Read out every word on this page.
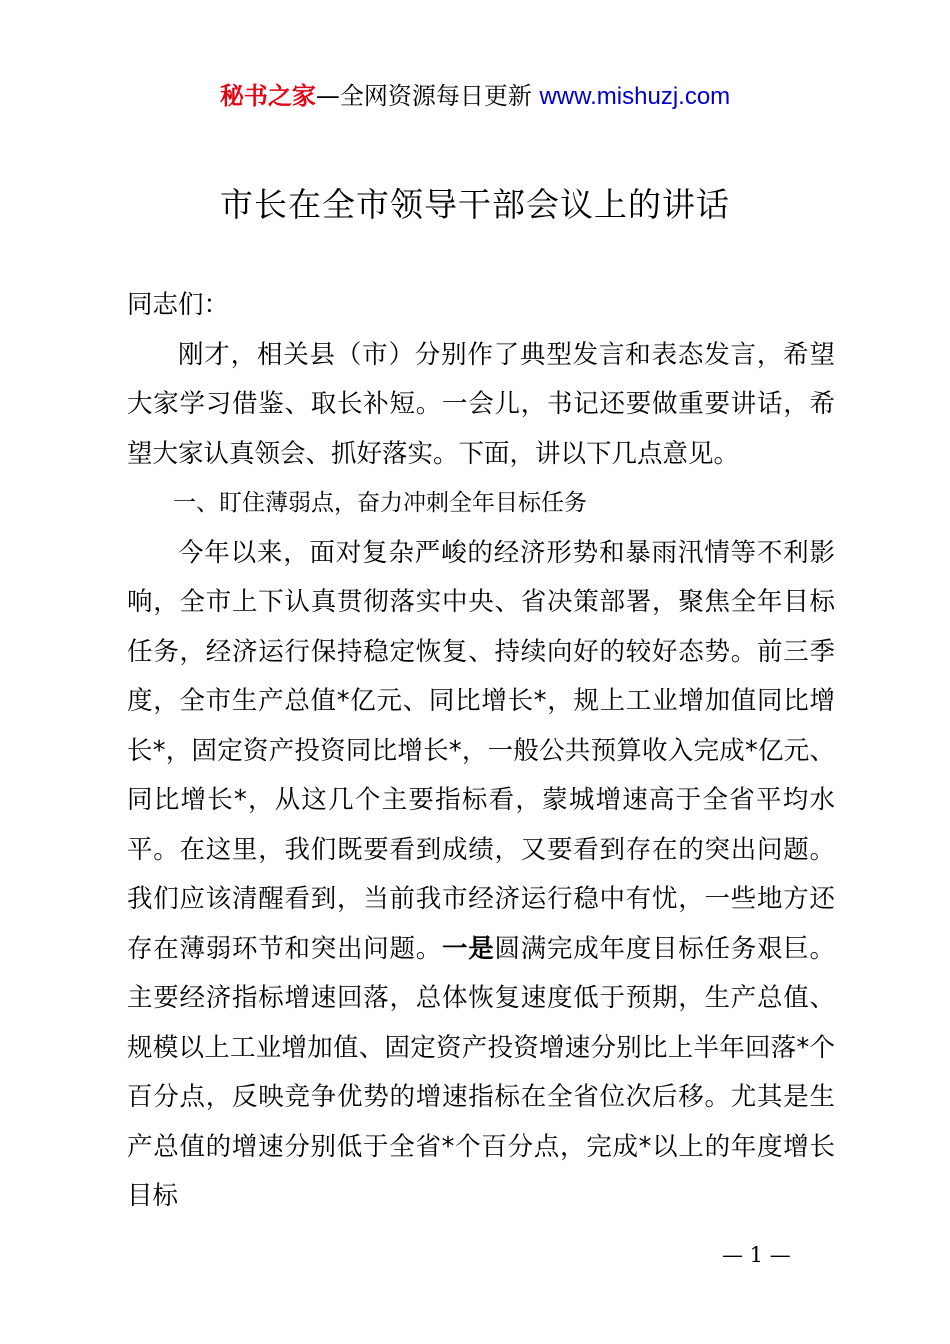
秘书之家—全网资源每日更新 www.mishuzj.com
市长在全市领导干部会议上的讲话

同志们：

刚才，相关县（市）分别作了典型发言和表态发言，希望大家学习借鉴、取长补短。一会儿，书记还要做重要讲话，希望大家认真领会、抓好落实。下面，讲以下几点意见。

一、盯住薄弱点，奋力冲刺全年目标任务

今年以来，面对复杂严峻的经济形势和暴雨汛情等不利影响，全市上下认真贯彻落实中央、省决策部署，聚焦全年目标任务，经济运行保持稳定恢复、持续向好的较好态势。前三季度，全市生产总值*亿元、同比增长*，规上工业增加值同比增长*，固定资产投资同比增长*，一般公共预算收入完成*亿元、同比增长*，从这几个主要指标看，蒙城增速高于全省平均水平。在这里，我们既要看到成绩，又要看到存在的突出问题。我们应该清醒看到，当前我市经济运行稳中有忧，一些地方还存在薄弱环节和突出问题。一是圆满完成年度目标任务艰巨。主要经济指标增速回落，总体恢复速度低于预期，生产总值、规模以上工业增加值、固定资产投资增速分别比上半年回落*个百分点，反映竞争优势的增速指标在全省位次后移。尤其是生产总值的增速分别低于全省*个百分点，完成*以上的年度增长目标

— 1 —
